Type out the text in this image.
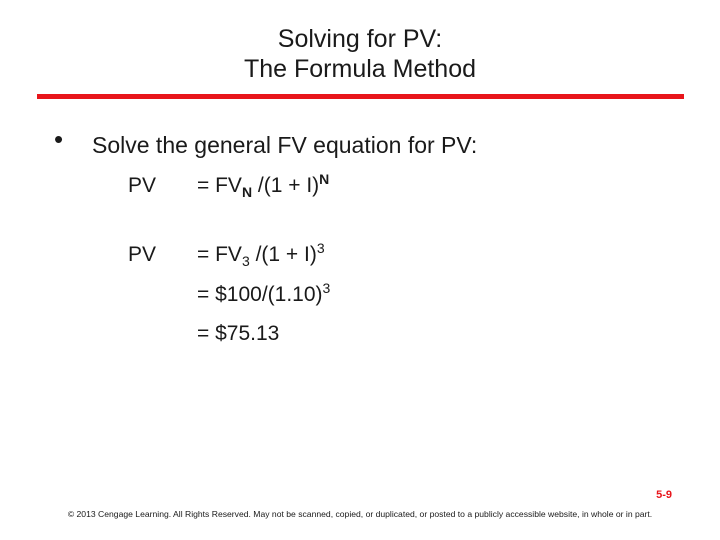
Solving for PV:
The Formula Method
• Solve the general FV equation for PV:
PV = $FV_N$ $/(1 + I)^N$
PV = $FV_3$ $/(1 + I)^3$
= $\$100/(1.10)^3$
= $75.13
5-9
© 2013 Cengage Learning. All Rights Reserved. May not be scanned, copied, or duplicated, or posted to a publicly accessible website, in whole or in part.
